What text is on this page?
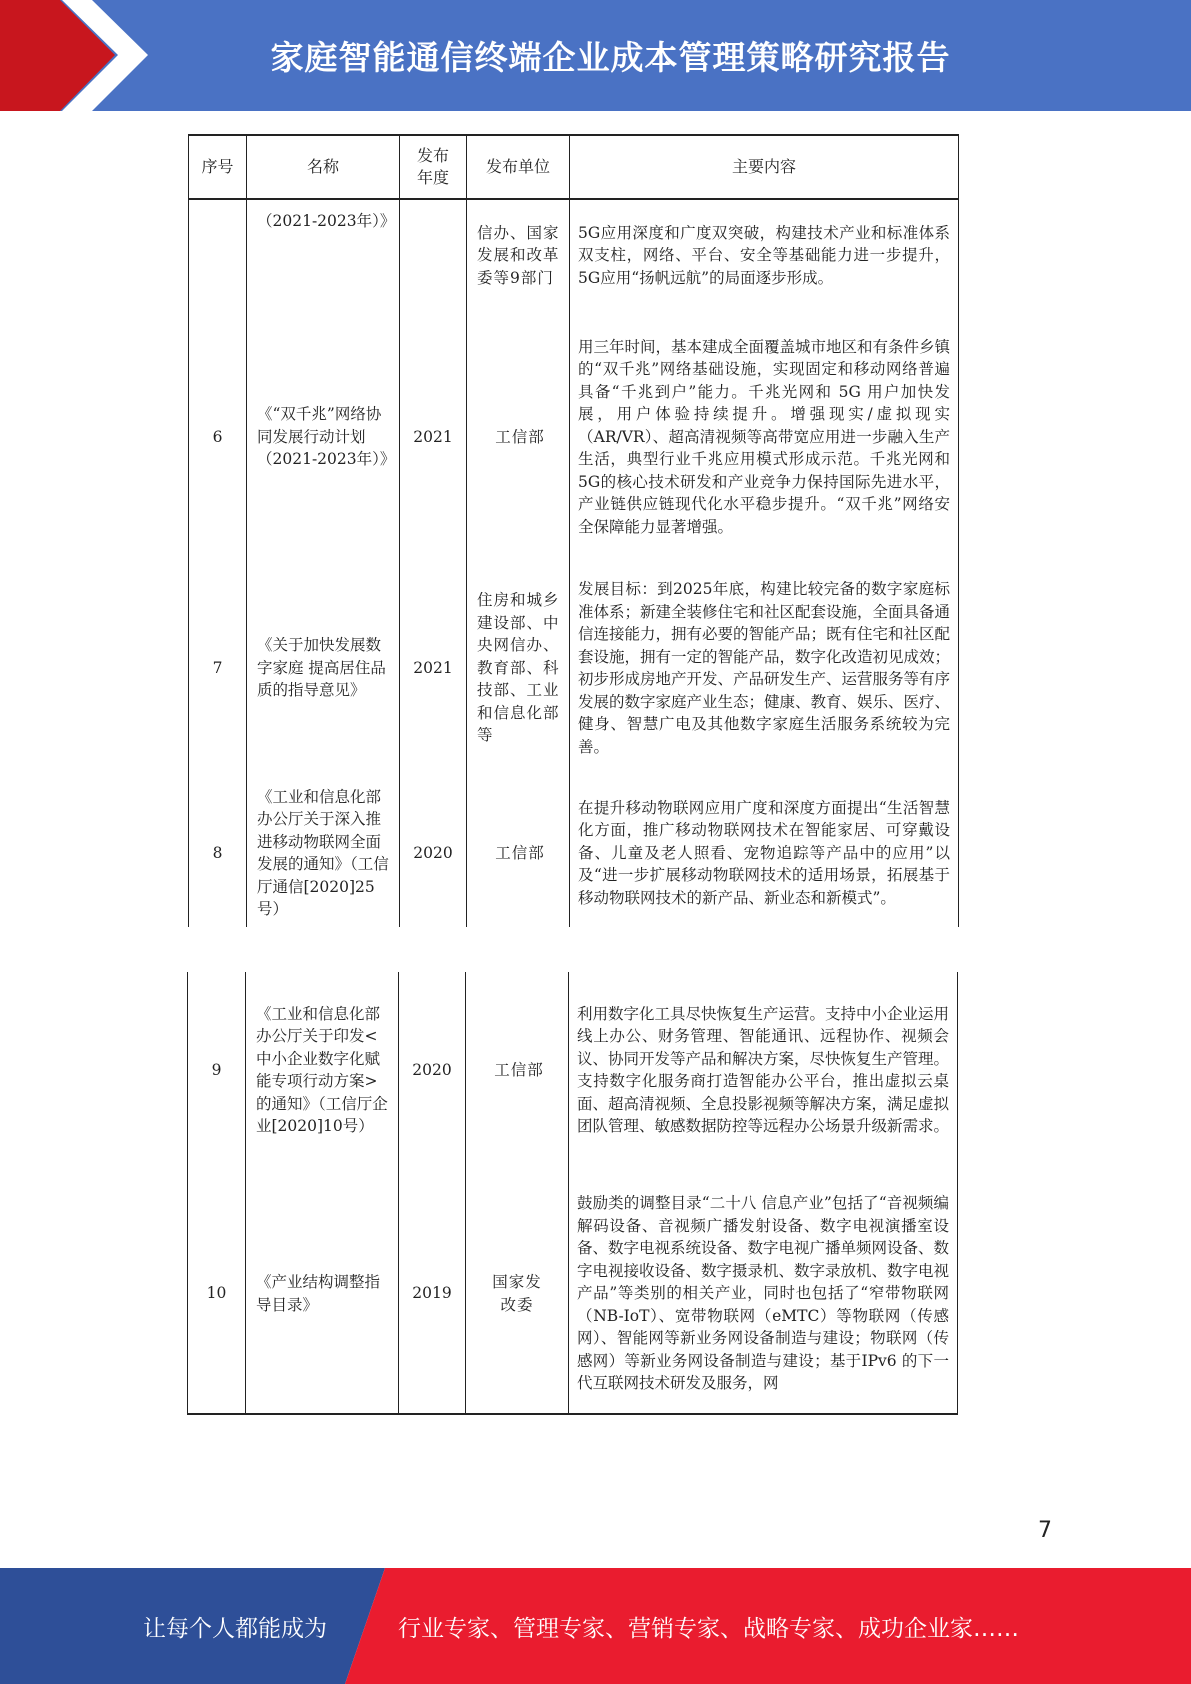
家庭智能通信终端企业成本管理策略研究报告
序号	名称	发布年度	发布单位	主要内容
	（2021-2023年）》		信办、国家发展和改革委等9部门	5G应用深度和广度双突破，构建技术产业和标准体系双支柱，网络、平台、安全等基础能力进一步提升，5G应用“扬帆远航”的局面逐步形成。

6	《“双千兆”网络协同发展行动计划（2021-2023年）》	2021	工信部	用三年时间，基本建成全面覆盖城市地区和有条件乡镇的“双千兆”网络基础设施，实现固定和移动网络普遍具备“千兆到户”能力。千兆光网和 5G 用户加快发展，用户体验持续提升。增强现实/虚拟现实（AR/VR）、超高清视频等高带宽应用进一步融入生产生活，典型行业千兆应用模式形成示范。千兆光网和5G的核心技术研发和产业竞争力保持国际先进水平，产业链供应链现代化水平稳步提升。“双千兆”网络安全保障能力显著增强。

7	《关于加快发展数字家庭 提高居住品质的指导意见》	2021	住房和城乡建设部、中央网信办、教育部、科技部、工业和信息化部等	发展目标：到2025年底，构建比较完备的数字家庭标准体系；新建全装修住宅和社区配套设施，全面具备通信连接能力，拥有必要的智能产品；既有住宅和社区配套设施，拥有一定的智能产品，数字化改造初见成效；初步形成房地产开发、产品研发生产、运营服务等有序发展的数字家庭产业生态；健康、教育、娱乐、医疗、健身、智慧广电及其他数字家庭生活服务系统较为完善。

8	《工业和信息化部办公厅关于深入推进移动物联网全面发展的通知》（工信厅通信[2020]25号）	2020	工信部	在提升移动物联网应用广度和深度方面提出“生活智慧化方面，推广移动物联网技术在智能家居、可穿戴设备、儿童及老人照看、宠物追踪等产品中的应用”以及“进一步扩展移动物联网技术的适用场景，拓展基于移动物联网技术的新产品、新业态和新模式”。
9	《工业和信息化部办公厅关于印发<中小企业数字化赋能专项行动方案>的通知》（工信厅企业[2020]10号）	2020	工信部	利用数字化工具尽快恢复生产运营。支持中小企业运用线上办公、财务管理、智能通讯、远程协作、视频会议、协同开发等产品和解决方案，尽快恢复生产管理。支持数字化服务商打造智能办公平台，推出虚拟云桌面、超高清视频、全息投影视频等解决方案，满足虚拟团队管理、敏感数据防控等远程办公场景升级新需求。

10	《产业结构调整指导目录》	2019	国家发改委	鼓励类的调整目录“二十八 信息产业”包括了“音视频编解码设备、音视频广播发射设备、数字电视演播室设备、数字电视系统设备、数字电视广播单频网设备、数字电视接收设备、数字摄录机、数字录放机、数字电视产品”等类别的相关产业，同时也包括了“窄带物联网（NB-IoT）、宽带物联网（eMTC）等物联网（传感网）、智能网等新业务网设备制造与建设；物联网（传感网）等新业务网设备制造与建设；基于IPv6 的下一代互联网技术研发及服务，网
7
让每个人都能成为	行业专家、管理专家、营销专家、战略专家、成功企业家……
